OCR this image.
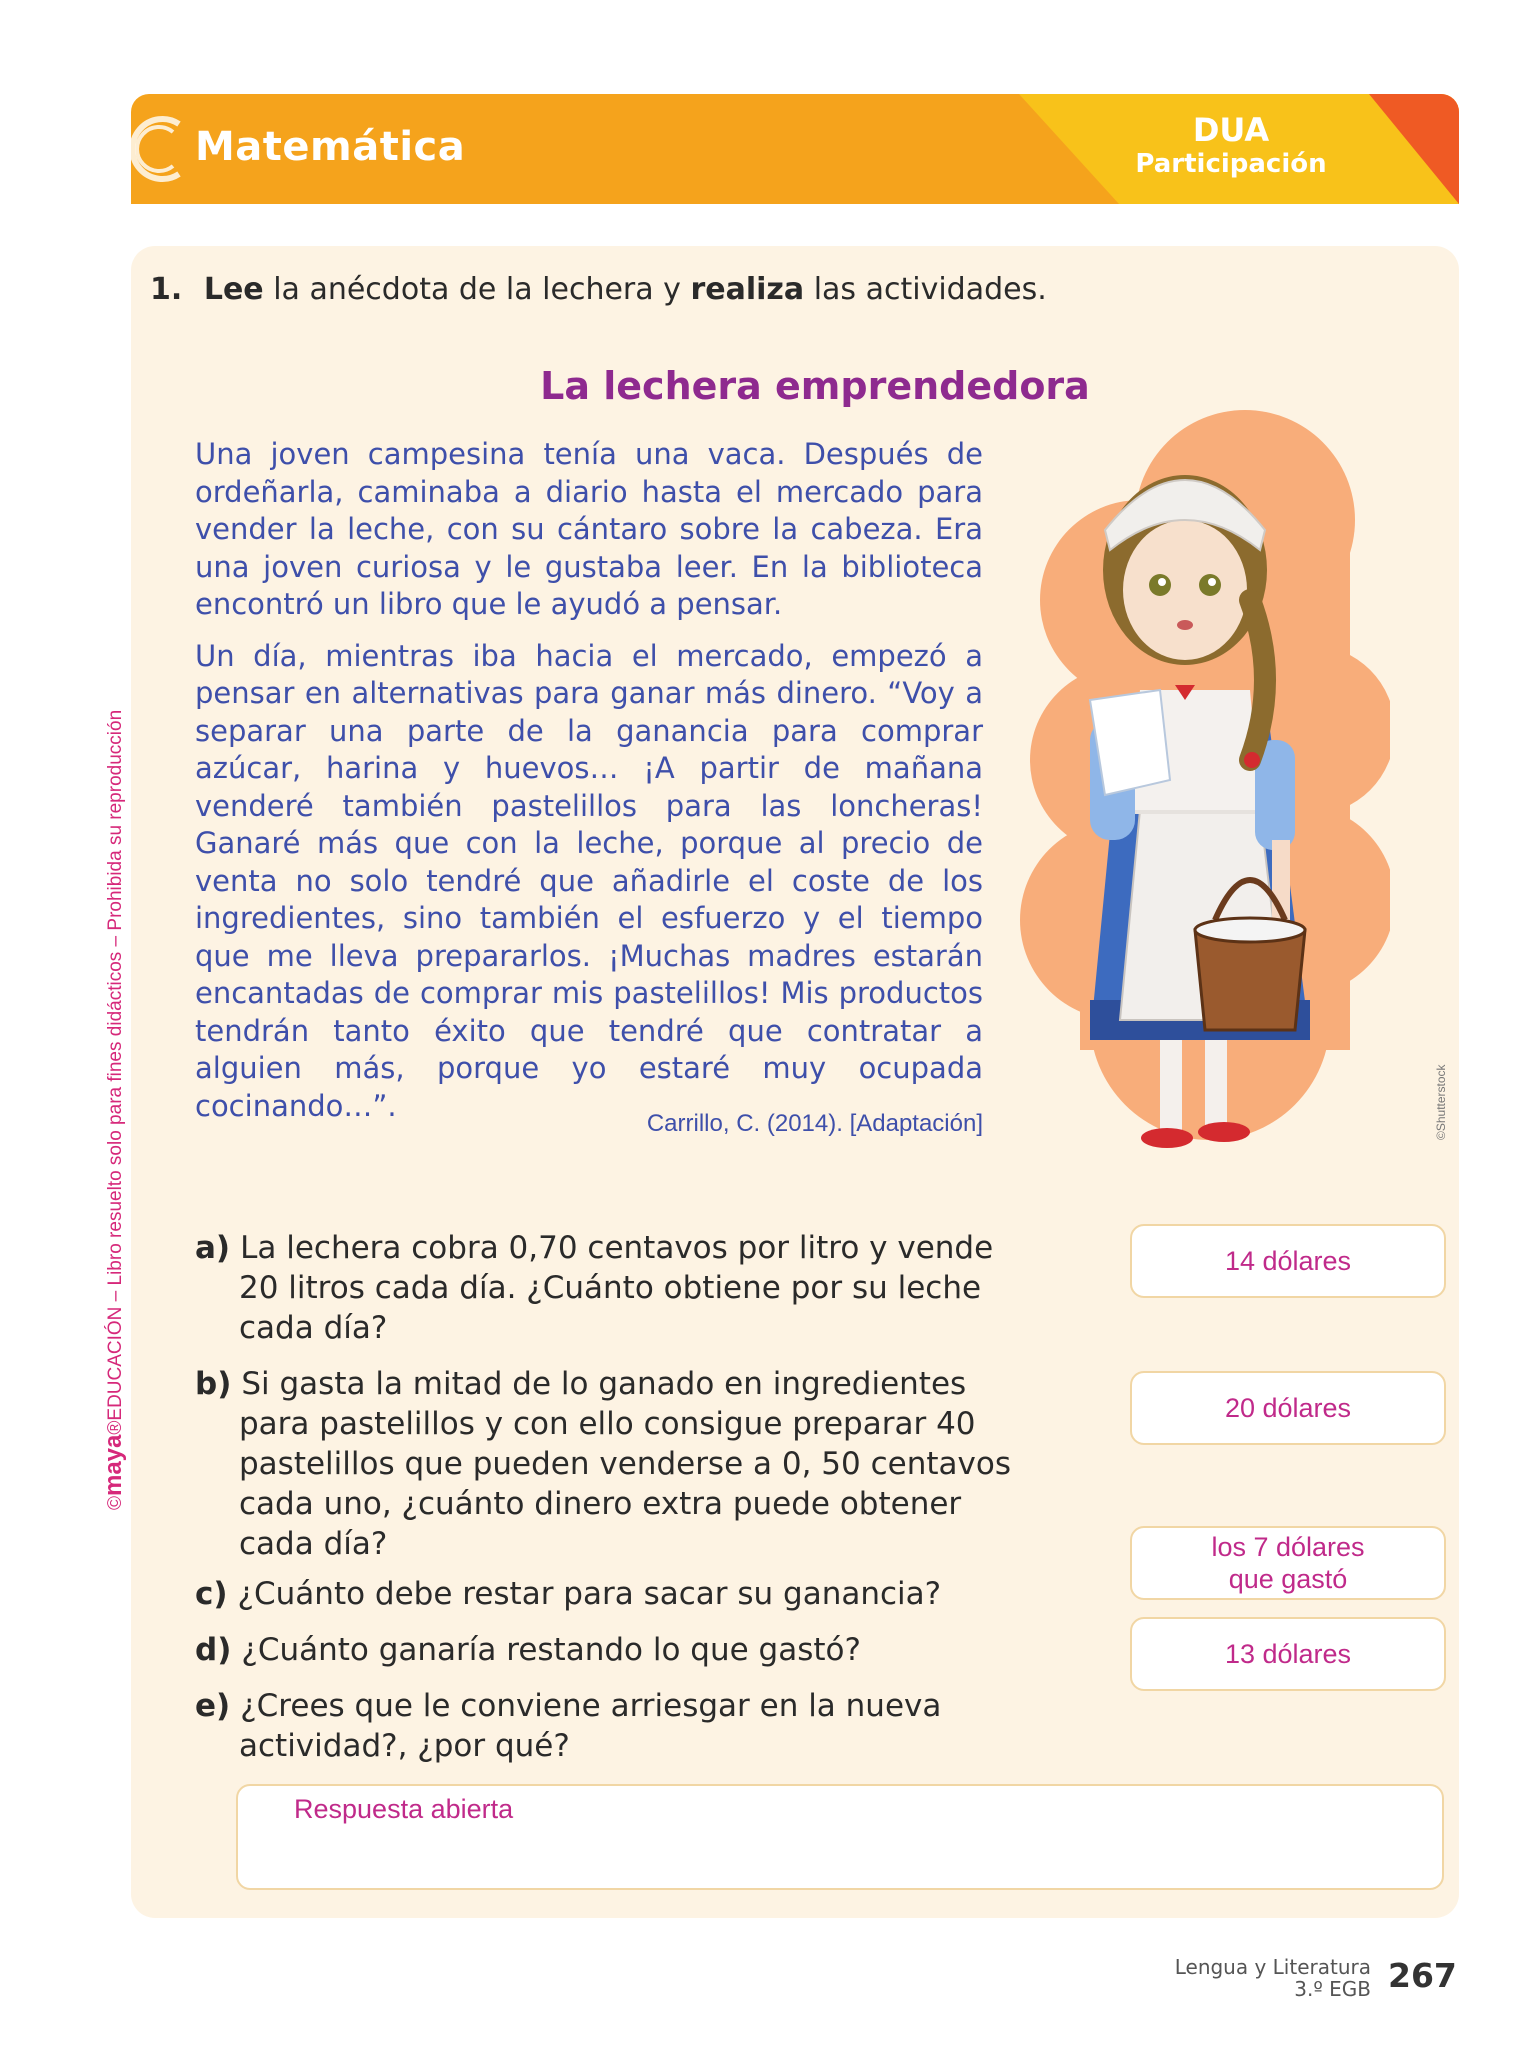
Matemática	DUA
Participación
©maya®EDUCACIÓN – Libro resuelto solo para fines didácticos – Prohibida su reproducción
1. Lee la anécdota de la lechera y realiza las actividades.
La lechera emprendedora

Una joven campesina tenía una vaca. Después de ordeñarla, caminaba a diario hasta el mercado para vender la leche, con su cántaro sobre la cabeza. Era una joven curiosa y le gustaba leer. En la biblioteca encontró un libro que le ayudó a pensar.

Un día, mientras iba hacia el mercado, empezó a pensar en alternativas para ganar más dinero. “Voy a separar una parte de la ganancia para comprar azúcar, harina y huevos… ¡A partir de mañana venderé también pastelillos para las loncheras! Ganaré más que con la leche, porque al precio de venta no solo tendré que añadirle el coste de los ingredientes, sino también el esfuerzo y el tiempo que me lleva prepararlos. ¡Muchas madres estarán encantadas de comprar mis pastelillos! Mis productos tendrán tanto éxito que tendré que contratar a alguien más, porque yo estaré muy ocupada cocinando…”.

Carrillo, C. (2014). [Adaptación]	©Shutterstock
a) La lechera cobra 0,70 centavos por litro y vende
20 litros cada día. ¿Cuánto obtiene por su leche
cada día?
b) Si gasta la mitad de lo ganado en ingredientes
para pastelillos y con ello consigue preparar 40
pastelillos que pueden venderse a 0, 50 centavos
cada uno, ¿cuánto dinero extra puede obtener
cada día?
c) ¿Cuánto debe restar para sacar su ganancia?
d) ¿Cuánto ganaría restando lo que gastó?
e) ¿Crees que le conviene arriesgar en la nueva
actividad?, ¿por qué?
14 dólares
20 dólares
los 7 dólares
que gastó
13 dólares
Respuesta abierta
Lengua y Literatura
3.º EGB 267
